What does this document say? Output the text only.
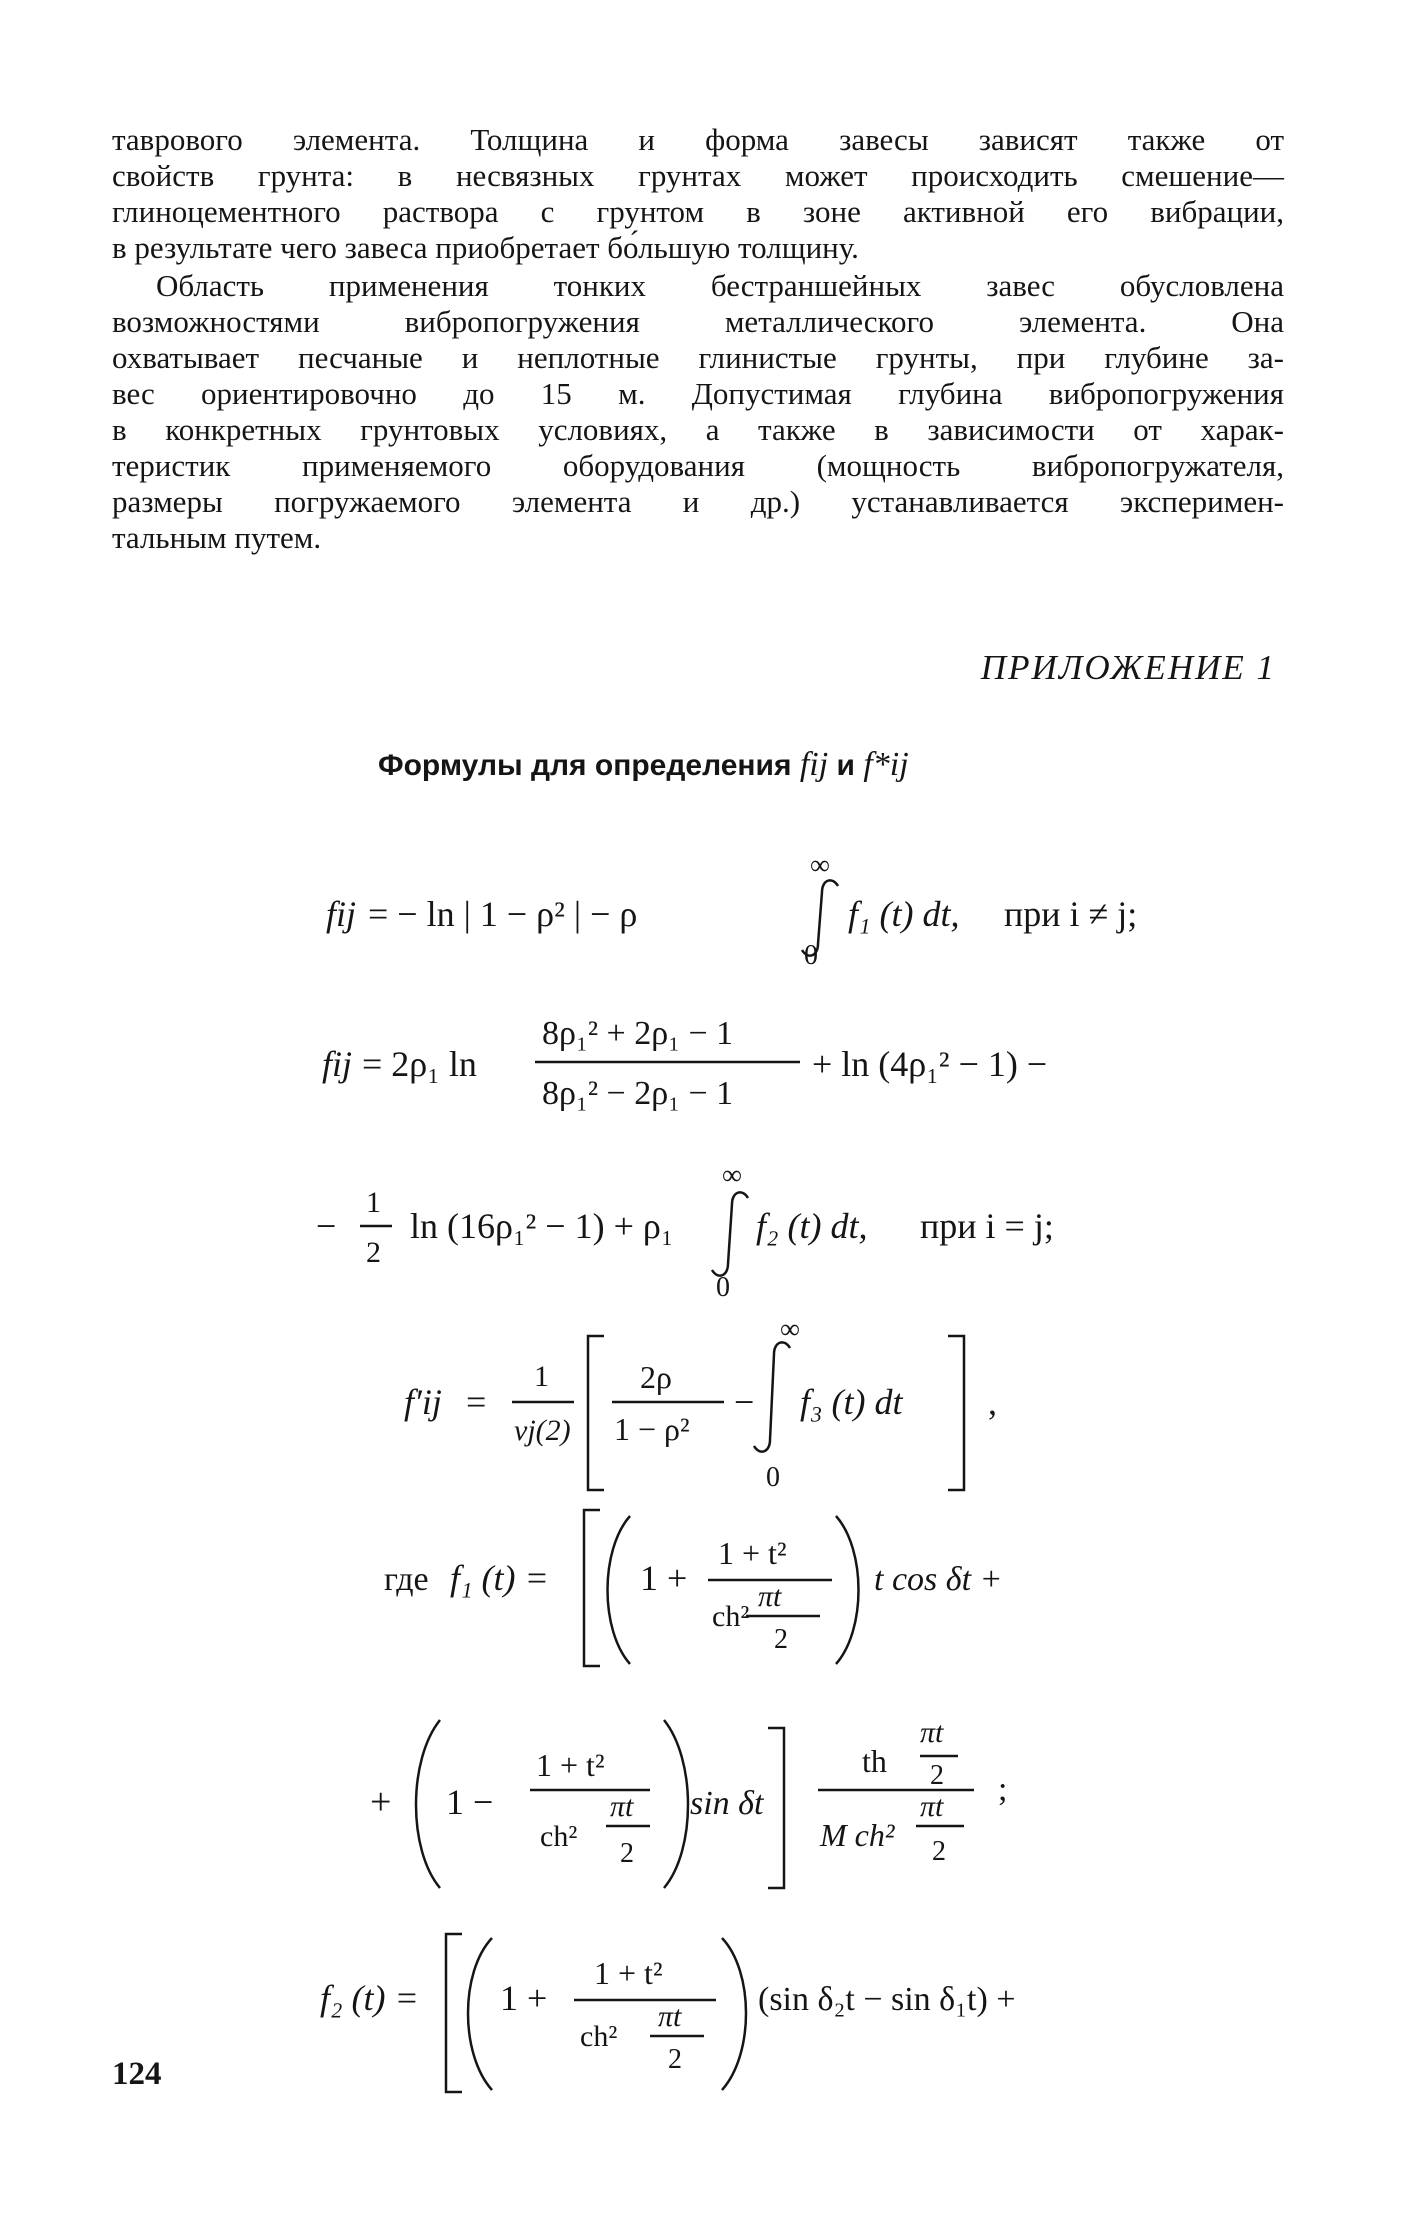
таврового элемента. Толщина и форма завесы зависят также от
свойств грунта: в несвязных грунтах может происходить смешение—
глиноцементного раствора с грунтом в зоне активной его вибрации,
в результате чего завеса приобретает бо́льшую толщину.
Область применения тонких бестраншейных завес обусловлена
возможностями вибропогружения металлического элемента. Она
охватывает песчаные и неплотные глинистые грунты, при глубине за-
вес ориентировочно до 15 м. Допустимая глубина вибропогружения
в конкретных грунтовых условиях, а также в зависимости от харак-
теристик применяемого оборудования (мощность вибропогружателя,
размеры погружаемого элемента и др.) устанавливается эксперимен-
тальным путем.
ПРИЛОЖЕНИЕ 1
Формулы для определения fij и f*ij
fij = − ln | 1 − ρ² | − ρ
∞
0
f₁ (t) dt, при i ≠ j;
fij = 2ρ₁ ln
8ρ₁² + 2ρ₁ − 1
8ρ₁² − 2ρ₁ − 1
+ ln (4ρ₁² − 1) −
−
1
2
ln (16ρ₁² − 1) + ρ₁
∞
0
f₂ (t) dt, при i = j;
f′ij =
1
vj(2)
2ρ
1 − ρ²
−
∞
0
f₃ (t) dt ,
где f₁ (t) =	1 +
1 + t²
ch²
πt
2
t cos δt +
+ 1 −
1 + t²
ch²
πt
2
sin δt
th
πt
2
M ch²
πt
2
;
f₂ (t) = 1 +
1 + t²
ch²
πt
2
(sin δ₂t − sin δ₁t) +
124
